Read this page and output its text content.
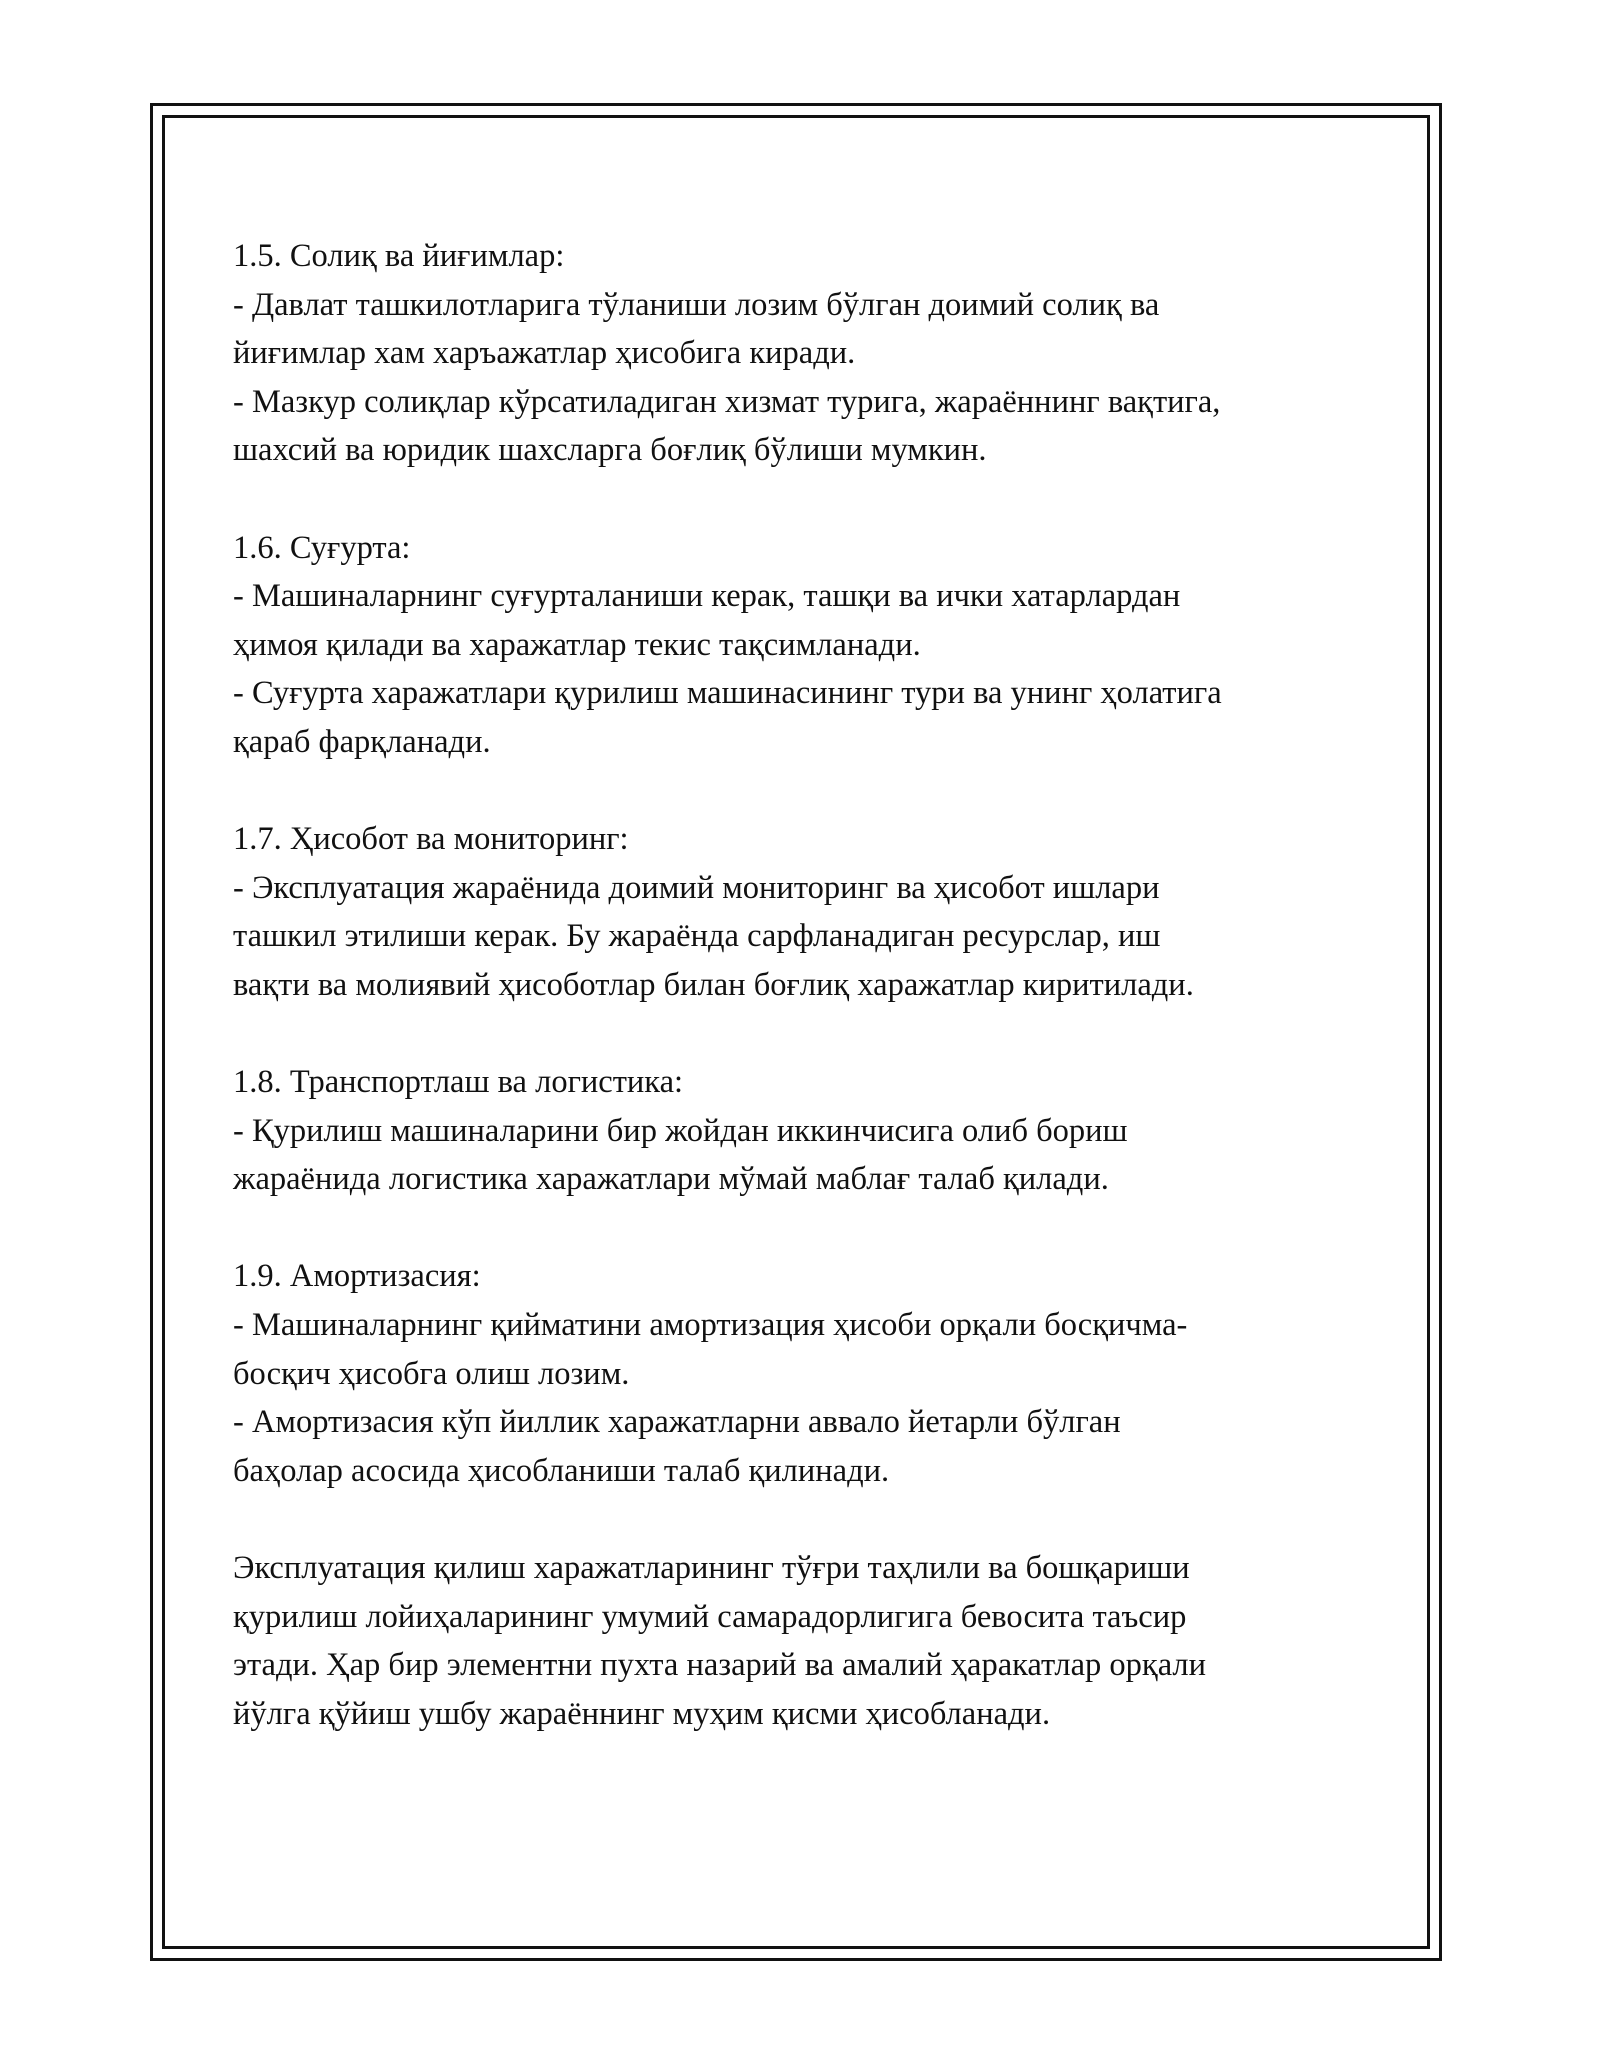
1.5. Солиқ ва йиғимлар:

- Давлат ташкилотларига тўланиши лозим бўлган доимий солиқ ва

йиғимлар хам харъажатлар ҳисобига киради.

- Мазкур солиқлар кўрсатиладиган хизмат турига, жараённинг вақтига,

шахсий ва юридик шахсларга боғлиқ бўлиши мумкин.

1.6. Суғурта:

- Машиналарнинг суғурталаниши керак, ташқи ва ички хатарлардан

ҳимоя қилади ва харажатлар текис тақсимланади.

- Суғурта харажатлари қурилиш машинасининг тури ва унинг ҳолатига

қараб фарқланади.

1.7. Ҳисобот ва мониторинг:

- Эксплуатация жараёнида доимий мониторинг ва ҳисобот ишлари

ташкил этилиши керак. Бу жараёнда сарфланадиган ресурслар, иш

вақти ва молиявий ҳисоботлар билан боғлиқ харажатлар киритилади.

1.8. Транспортлаш ва логистика:

- Қурилиш машиналарини бир жойдан иккинчисига олиб бориш

жараёнида логистика харажатлари мўмай маблағ талаб қилади.

1.9. Амортизасия:

- Машиналарнинг қийматини амортизация ҳисоби орқали босқичма-

босқич ҳисобга олиш лозим.

- Амортизасия кўп йиллик харажатларни аввало йетарли бўлган

баҳолар асосида ҳисобланиши талаб қилинади.

Эксплуатация қилиш харажатларининг тўғри таҳлили ва бошқариши

қурилиш лойиҳаларининг умумий самарадорлигига бевосита таъсир

этади. Ҳар бир элементни пухта назарий ва амалий ҳаракатлар орқали

йўлга қўйиш ушбу жараённинг муҳим қисми ҳисобланади.
